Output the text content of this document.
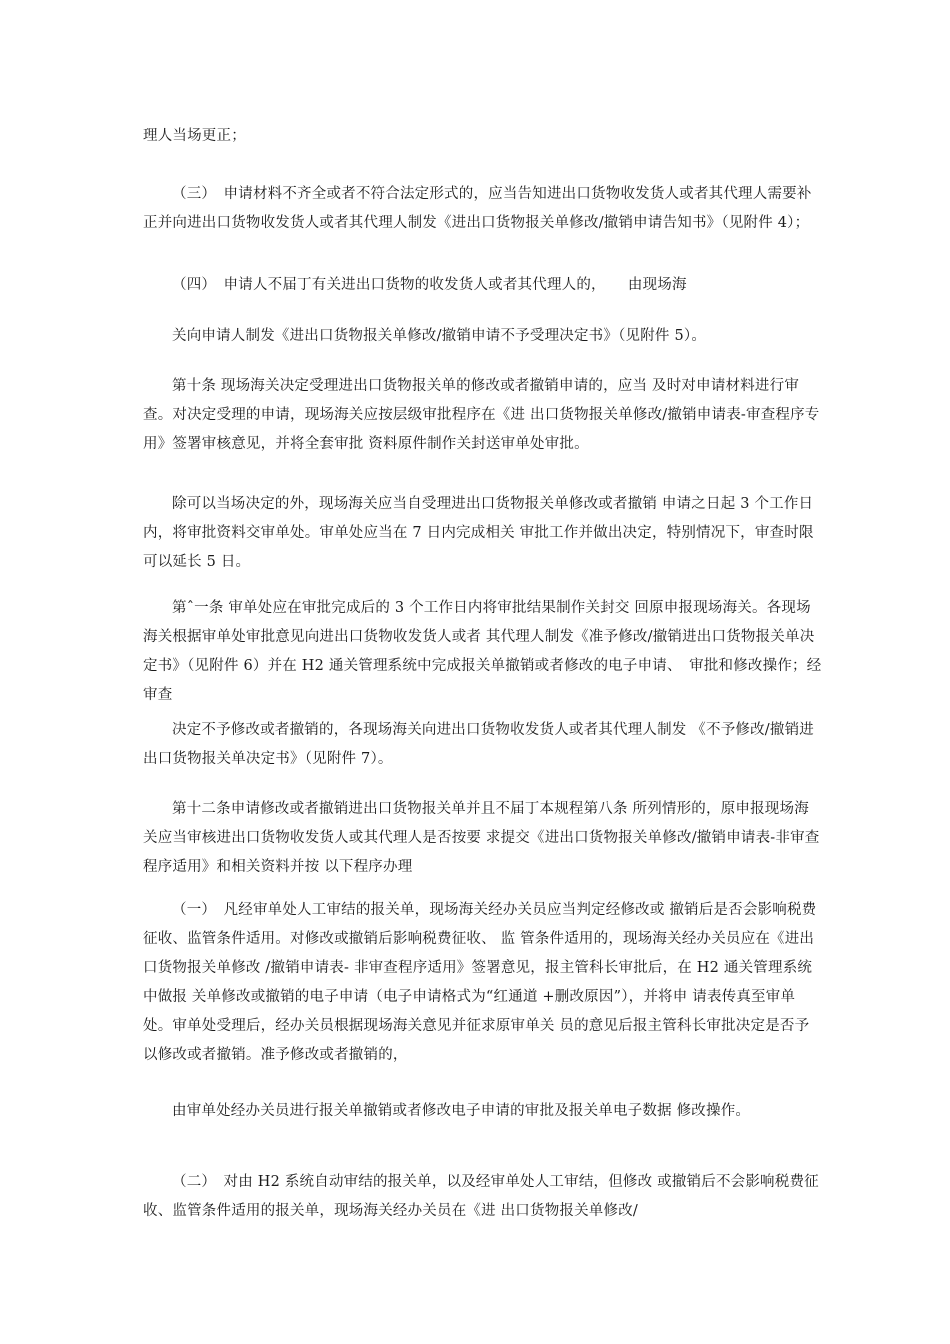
理人当场更正；

（三）　申请材料不齐全或者不符合法定形式的，应当告知进出口货物收发货人或者其代理人需要补正并向进出口货物收发货人或者其代理人制发《进出口货物报关单修改/撤销申请告知书》（见附件 4）；

（四）　申请人不届丁有关进出口货物的收发货人或者其代理人的，　　由现场海

关向申请人制发《进出口货物报关单修改/撤销申请不予受理决定书》（见附件 5）。

第十条 现场海关决定受理进出口货物报关单的修改或者撤销申请的，应当 及时对申请材料进行审查。对决定受理的申请，现场海关应按层级审批程序在《进 出口货物报关单修改/撤销申请表-审查程序专用》签署审核意见，并将全套审批 资料原件制作关封送审单处审批。

除可以当场决定的外，现场海关应当自受理进出口货物报关单修改或者撤销 申请之日起 3 个工作日内，将审批资料交审单处。审单处应当在 7 日内完成相关 审批工作并做出决定，特别情况下，审查时限可以延长 5 日。

第ˆ一条 审单处应在审批完成后的 3 个工作日内将审批结果制作关封交 回原申报现场海关。各现场海关根据审单处审批意见向进出口货物收发货人或者 其代理人制发《准予修改/撤销进出口货物报关单决定书》（见附件 6）并在 H2 通关管理系统中完成报关单撤销或者修改的电子申请、　审批和修改操作；经审查

决定不予修改或者撤销的，各现场海关向进出口货物收发货人或者其代理人制发 《不予修改/撤销进出口货物报关单决定书》（见附件 7）。

第十二条申请修改或者撤销进出口货物报关单并且不届丁本规程第八条 所列情形的，原申报现场海关应当审核进出口货物收发货人或其代理人是否按要 求提交《进出口货物报关单修改/撤销申请表-非审查程序适用》和相关资料并按 以下程序办理

（一）　凡经审单处人工审结的报关单，现场海关经办关员应当判定经修改或 撤销后是否会影响税费征收、监管条件适用。对修改或撤销后影响税费征收、 监 管条件适用的，现场海关经办关员应在《进出口货物报关单修改 /撤销申请表- 非审查程序适用》签署意见，报主管科长审批后，在 H2 通关管理系统中做报 关单修改或撤销的电子申请（电子申请格式为“红通道 +删改原因”），并将申 请表传真至审单处。审单处受理后，经办关员根据现场海关意见并征求原审单关 员的意见后报主管科长审批决定是否予以修改或者撤销。准予修改或者撤销的，

由审单处经办关员进行报关单撤销或者修改电子申请的审批及报关单电子数据 修改操作。

（二）　对由 H2 系统自动审结的报关单，以及经审单处人工审结，但修改 或撤销后不会影响税费征收、监管条件适用的报关单，现场海关经办关员在《进 出口货物报关单修改/
